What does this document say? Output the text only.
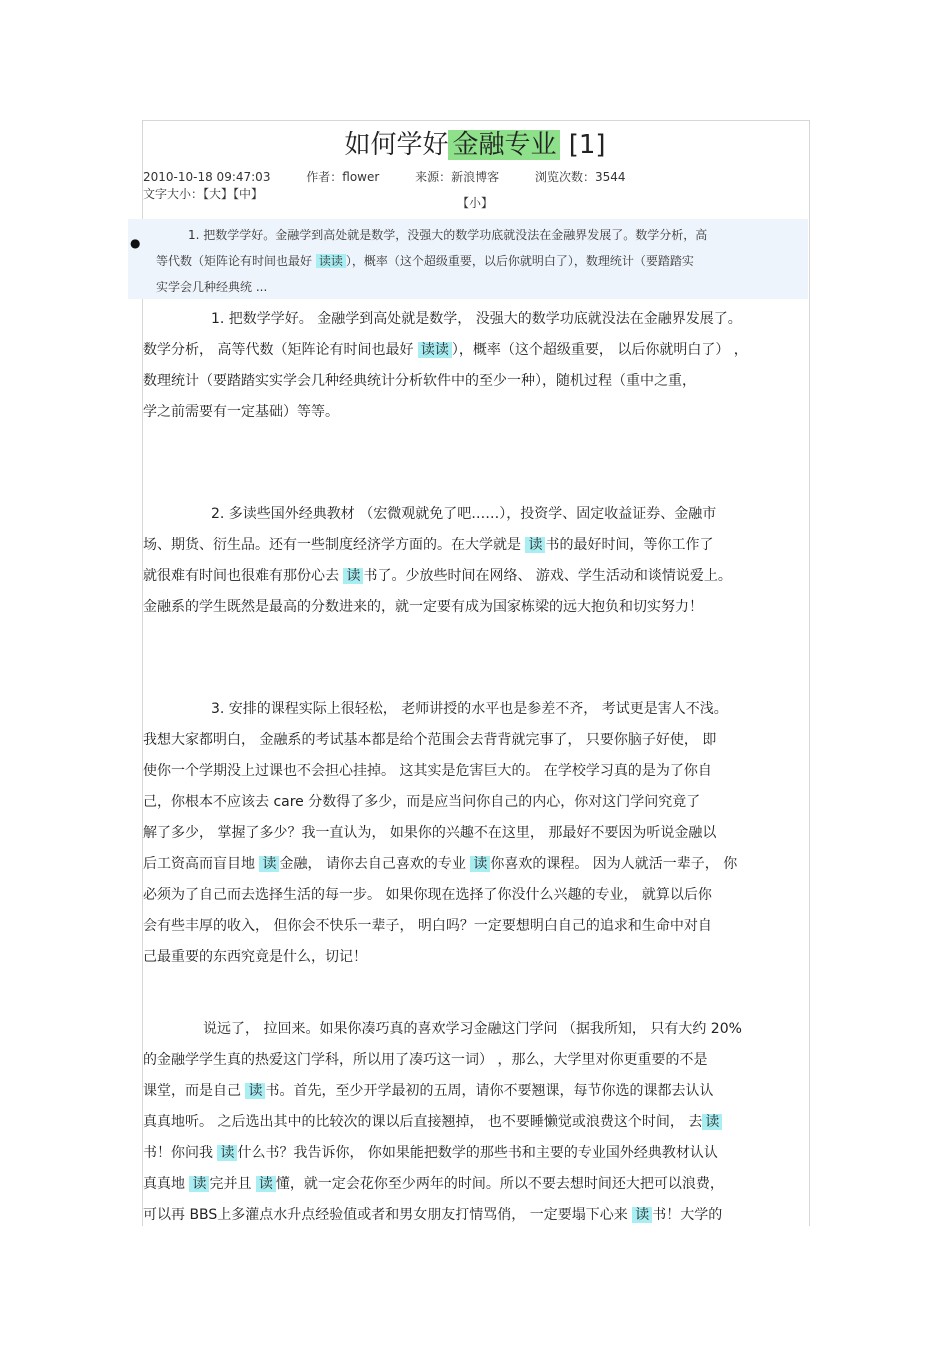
如何学好 金融专业 [1]
2010-10-18 09:47:03	作者：flower	来源：新浪博客	浏览次数：3544 文字大小：【大】【中】
【小】
●
1. 把数学学好。金融学到高处就是数学，没强大的数学功底就没法在金融界发展了。数学分析，高
等代数（矩阵论有时间也最好 读读 ），概率（这个超级重要，以后你就明白了），数理统计（要踏踏实
实学会几种经典统 ...
1. 把数学学好。 金融学到高处就是数学， 没强大的数学功底就没法在金融界发展了。
数学分析， 高等代数（矩阵论有时间也最好 读读 ），概率（这个超级重要， 以后你就明白了） ，
数理统计（要踏踏实实学会几种经典统计分析软件中的至少一种），随机过程（重中之重，
学之前需要有一定基础）等等。
2. 多读些国外经典教材 （宏微观就免了吧……），投资学、固定收益证券、金融市
场、期货、衍生品。还有一些制度经济学方面的。在大学就是 读 书的最好时间，等你工作了
就很难有时间也很难有那份心去 读 书了。少放些时间在网络、 游戏、学生活动和谈情说爱上。
金融系的学生既然是最高的分数进来的，就一定要有成为国家栋梁的远大抱负和切实努力！
3. 安排的课程实际上很轻松， 老师讲授的水平也是参差不齐， 考试更是害人不浅。
我想大家都明白， 金融系的考试基本都是给个范围会去背背就完事了， 只要你脑子好使， 即
使你一个学期没上过课也不会担心挂掉。 这其实是危害巨大的。 在学校学习真的是为了你自
己，你根本不应该去 care 分数得了多少，而是应当问你自己的内心，你对这门学问究竟了
解了多少， 掌握了多少？我一直认为， 如果你的兴趣不在这里， 那最好不要因为听说金融以
后工资高而盲目地 读 金融， 请你去自己喜欢的专业 读 你喜欢的课程。 因为人就活一辈子， 你
必须为了自己而去选择生活的每一步。 如果你现在选择了你没什么兴趣的专业， 就算以后你
会有些丰厚的收入， 但你会不快乐一辈子， 明白吗？一定要想明白自己的追求和生命中对自
己最重要的东西究竟是什么，切记！
说远了， 拉回来。如果你凑巧真的喜欢学习金融这门学问 （据我所知， 只有大约 20%
的金融学学生真的热爱这门学科，所以用了凑巧这一词） ，那么，大学里对你更重要的不是
课堂，而是自己 读 书。首先，至少开学最初的五周，请你不要翘课，每节你选的课都去认认
真真地听。 之后选出其中的比较次的课以后直接翘掉， 也不要睡懒觉或浪费这个时间， 去 读
书！你问我 读 什么书？我告诉你， 你如果能把数学的那些书和主要的专业国外经典教材认认
真真地 读 完并且 读 懂，就一定会花你至少两年的时间。所以不要去想时间还大把可以浪费，
可以再 BBS上多灌点水升点经验值或者和男女朋友打情骂俏， 一定要塌下心来 读 书！大学的
